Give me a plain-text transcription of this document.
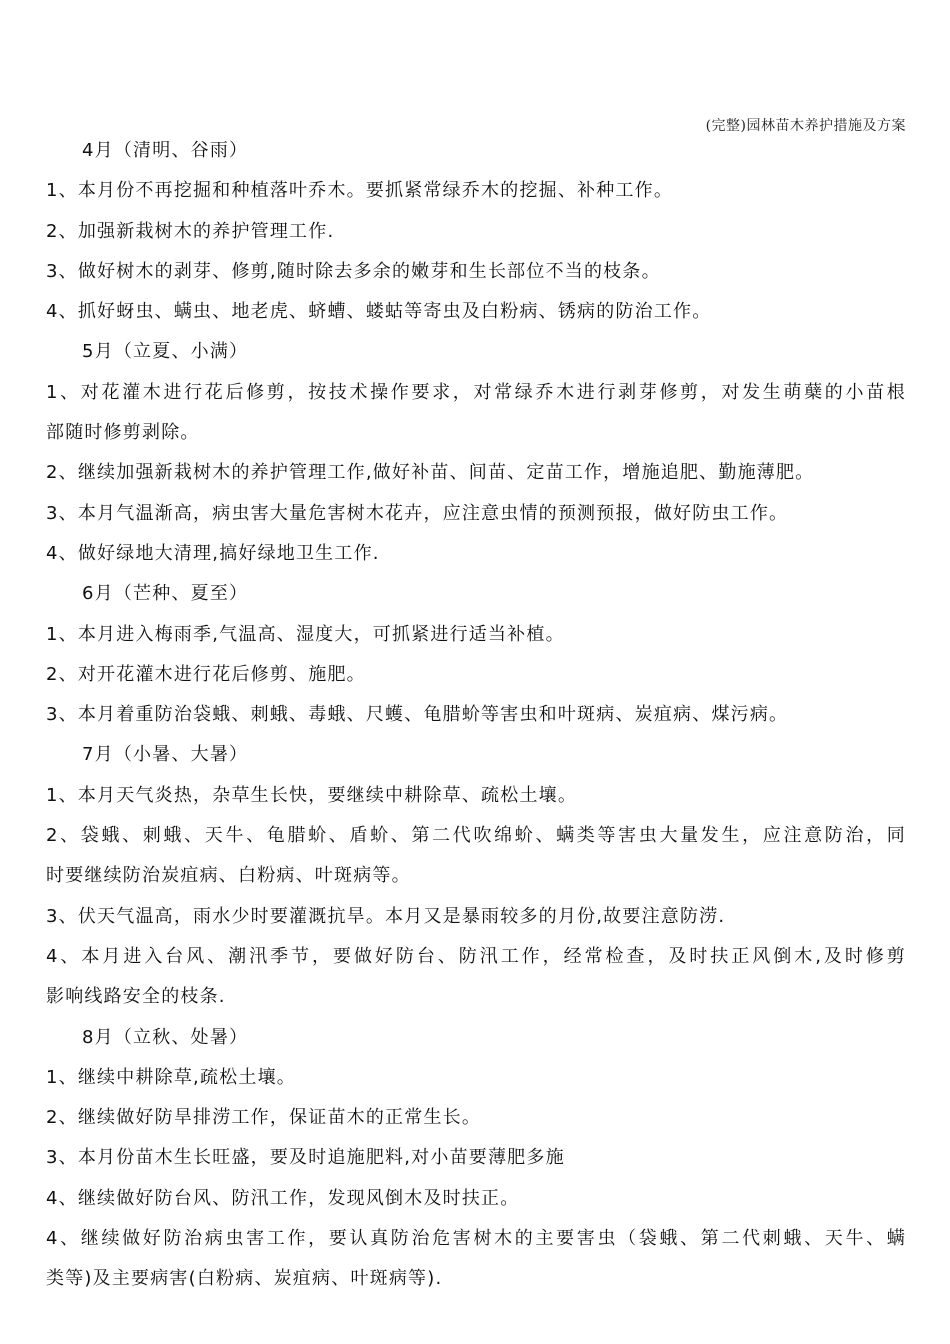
(完整)园林苗木养护措施及方案
4月（清明、谷雨）
1、本月份不再挖掘和种植落叶乔木。要抓紧常绿乔木的挖掘、补种工作。
2、加强新栽树木的养护管理工作.
3、做好树木的剥芽、修剪,随时除去多余的嫩芽和生长部位不当的枝条。
4、抓好蚜虫、螨虫、地老虎、蛴螬、蝼蛄等寄虫及白粉病、锈病的防治工作。
5月（立夏、小满）
1、对花灌木进行花后修剪，按技术操作要求，对常绿乔木进行剥芽修剪，对发生萌蘖的小苗根
部随时修剪剥除。
2、继续加强新栽树木的养护管理工作,做好补苗、间苗、定苗工作，增施追肥、勤施薄肥。
3、本月气温渐高，病虫害大量危害树木花卉，应注意虫情的预测预报，做好防虫工作。
4、做好绿地大清理,搞好绿地卫生工作.
6月（芒种、夏至）
1、本月进入梅雨季,气温高、湿度大，可抓紧进行适当补植。
2、对开花灌木进行花后修剪、施肥。
3、本月着重防治袋蛾、刺蛾、毒蛾、尺蠖、龟腊蚧等害虫和叶斑病、炭疽病、煤污病。
7月（小暑、大暑）
1、本月天气炎热，杂草生长快，要继续中耕除草、疏松土壤。
2、袋蛾、刺蛾、天牛、龟腊蚧、盾蚧、第二代吹绵蚧、螨类等害虫大量发生，应注意防治，同
时要继续防治炭疽病、白粉病、叶斑病等。
3、伏天气温高，雨水少时要灌溉抗旱。本月又是暴雨较多的月份,故要注意防涝.
4、本月进入台风、潮汛季节，要做好防台、防汛工作，经常检查，及时扶正风倒木,及时修剪
影响线路安全的枝条.
8月（立秋、处暑）
1、继续中耕除草,疏松土壤。
2、继续做好防旱排涝工作，保证苗木的正常生长。
3、本月份苗木生长旺盛，要及时追施肥料,对小苗要薄肥多施
4、继续做好防台风、防汛工作，发现风倒木及时扶正。
4、继续做好防治病虫害工作，要认真防治危害树木的主要害虫（袋蛾、第二代刺蛾、天牛、螨
类等)及主要病害(白粉病、炭疽病、叶斑病等).
